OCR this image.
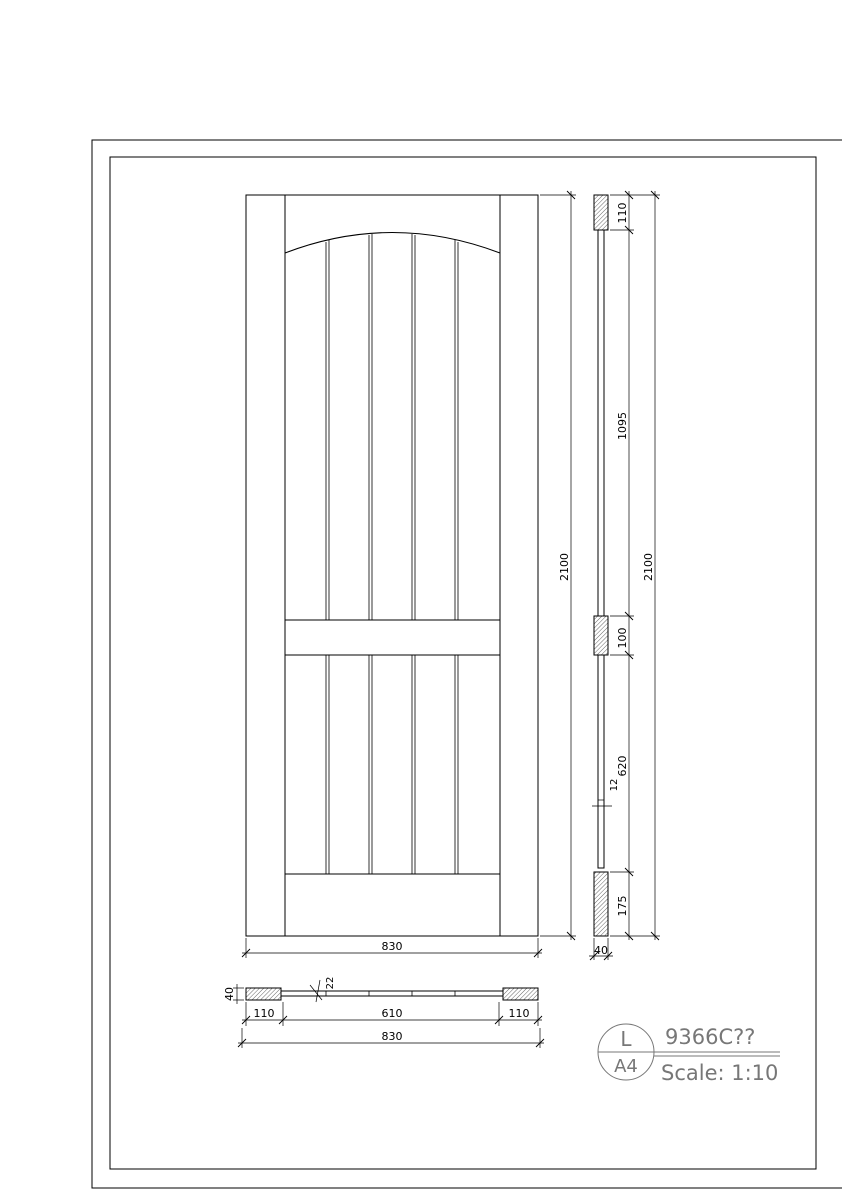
830
2100
110
1095
100
620
175
2100
12
40
40
22
110	610	110
830	L
A4
9366C??
Scale: 1:10
